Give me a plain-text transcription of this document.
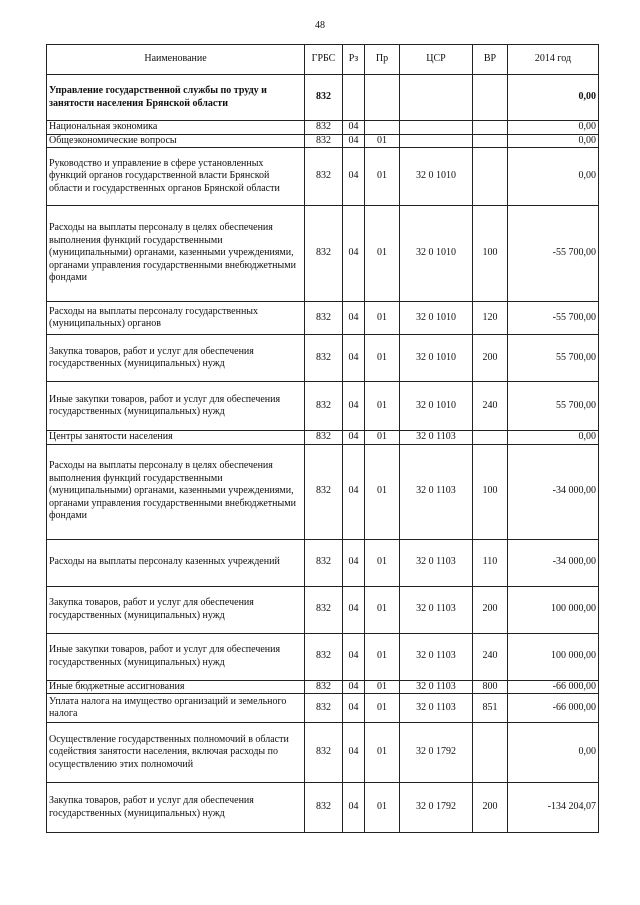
48
Наименование	ГРБС	Рз	Пр	ЦСР	ВР	2014 год
Управление государственной службы по труду и занятости населения Брянской области	832					0,00
Национальная экономика	832	04				0,00
Общеэкономические вопросы	832	04	01			0,00
Руководство и управление в сфере установленных функций органов государственной власти Брянской области и государственных органов Брянской области	832	04	01	32 0 1010		0,00
Расходы на выплаты персоналу в целях обеспечения выполнения функций государственными (муниципальными) органами, казенными учреждениями, органами управления государственными внебюджетными фондами	832	04	01	32 0 1010	100	-55 700,00
Расходы на выплаты персоналу государственных (муниципальных) органов	832	04	01	32 0 1010	120	-55 700,00
Закупка товаров, работ и услуг для обеспечения государственных (муниципальных) нужд	832	04	01	32 0 1010	200	55 700,00
Иные закупки товаров, работ и услуг для обеспечения государственных (муниципальных) нужд	832	04	01	32 0 1010	240	55 700,00
Центры занятости населения	832	04	01	32 0 1103		0,00
Расходы на выплаты персоналу в целях обеспечения выполнения функций государственными (муниципальными) органами, казенными учреждениями, органами управления государственными внебюджетными фондами	832	04	01	32 0 1103	100	-34 000,00
Расходы на выплаты персоналу казенных учреждений	832	04	01	32 0 1103	110	-34 000,00
Закупка товаров, работ и услуг для обеспечения государственных (муниципальных) нужд	832	04	01	32 0 1103	200	100 000,00
Иные закупки товаров, работ и услуг для обеспечения государственных (муниципальных) нужд	832	04	01	32 0 1103	240	100 000,00
Иные бюджетные ассигнования	832	04	01	32 0 1103	800	-66 000,00
Уплата налога на имущество организаций и земельного налога	832	04	01	32 0 1103	851	-66 000,00
Осуществление государственных полномочий в области содействия занятости населения, включая расходы по осуществлению этих полномочий	832	04	01	32 0 1792		0,00
Закупка товаров, работ и услуг для обеспечения государственных (муниципальных) нужд	832	04	01	32 0 1792	200	-134 204,07
